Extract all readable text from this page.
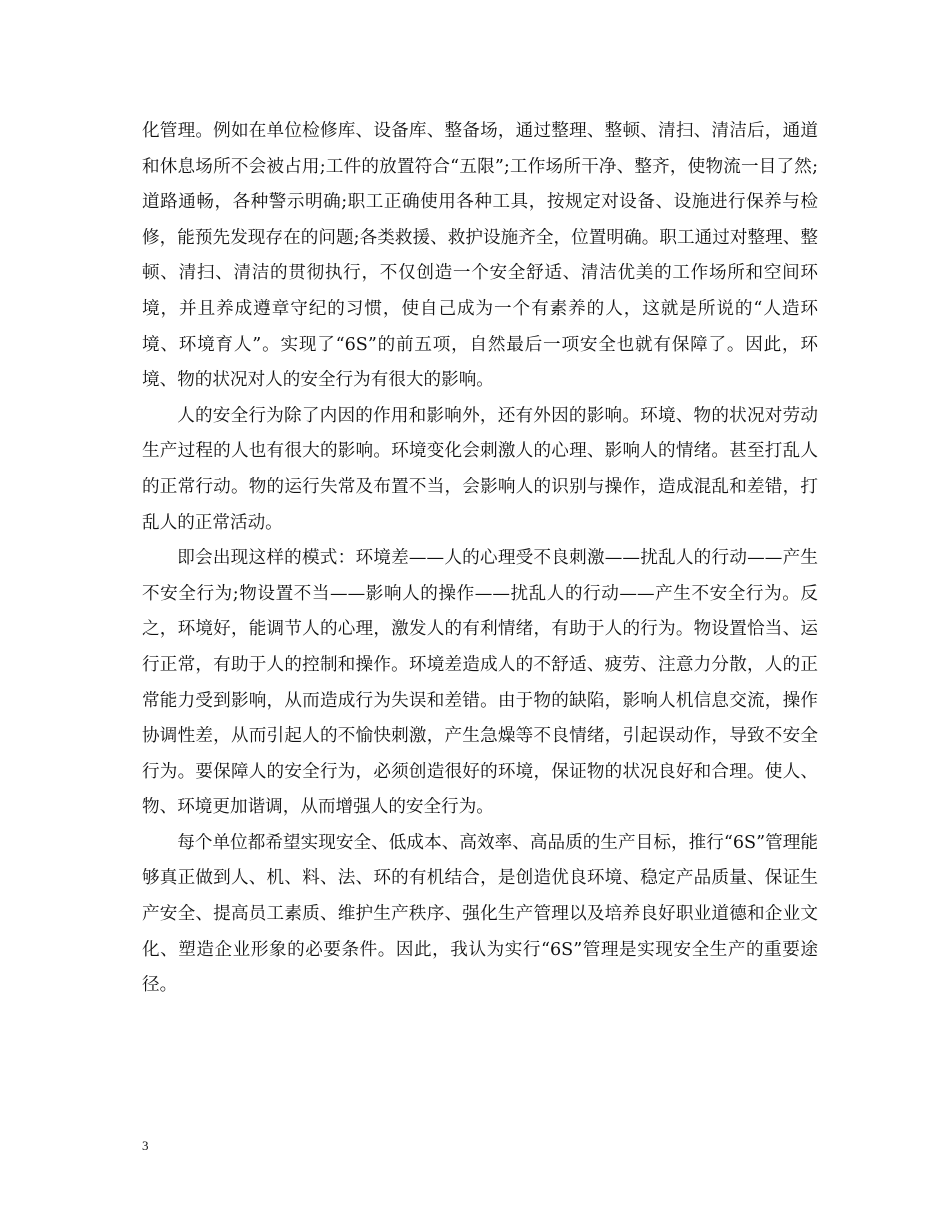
化管理。例如在单位检修库、设备库、整备场，通过整理、整顿、清扫、清洁后，通道和休息场所不会被占用;工件的放置符合“五限”;工作场所干净、整齐，使物流一目了然;道路通畅，各种警示明确;职工正确使用各种工具，按规定对设备、设施进行保养与检修，能预先发现存在的问题;各类救援、救护设施齐全，位置明确。职工通过对整理、整顿、清扫、清洁的贯彻执行，不仅创造一个安全舒适、清洁优美的工作场所和空间环境，并且养成遵章守纪的习惯，使自己成为一个有素养的人，这就是所说的“人造环境、环境育人”。实现了“6S”的前五项，自然最后一项安全也就有保障了。因此，环境、物的状况对人的安全行为有很大的影响。

人的安全行为除了内因的作用和影响外，还有外因的影响。环境、物的状况对劳动生产过程的人也有很大的影响。环境变化会刺激人的心理、影响人的情绪。甚至打乱人的正常行动。物的运行失常及布置不当，会影响人的识别与操作，造成混乱和差错，打乱人的正常活动。

即会出现这样的模式：环境差——人的心理受不良刺激——扰乱人的行动——产生不安全行为;物设置不当——影响人的操作——扰乱人的行动——产生不安全行为。反之，环境好，能调节人的心理，激发人的有利情绪，有助于人的行为。物设置恰当、运行正常，有助于人的控制和操作。环境差造成人的不舒适、疲劳、注意力分散，人的正常能力受到影响，从而造成行为失误和差错。由于物的缺陷，影响人机信息交流，操作协调性差，从而引起人的不愉快刺激，产生急燥等不良情绪，引起误动作，导致不安全行为。要保障人的安全行为，必须创造很好的环境，保证物的状况良好和合理。使人、物、环境更加谐调，从而增强人的安全行为。

每个单位都希望实现安全、低成本、高效率、高品质的生产目标，推行“6S”管理能够真正做到人、机、料、法、环的有机结合，是创造优良环境、稳定产品质量、保证生产安全、提高员工素质、维护生产秩序、强化生产管理以及培养良好职业道德和企业文化、塑造企业形象的必要条件。因此，我认为实行“6S”管理是实现安全生产的重要途径。

3
